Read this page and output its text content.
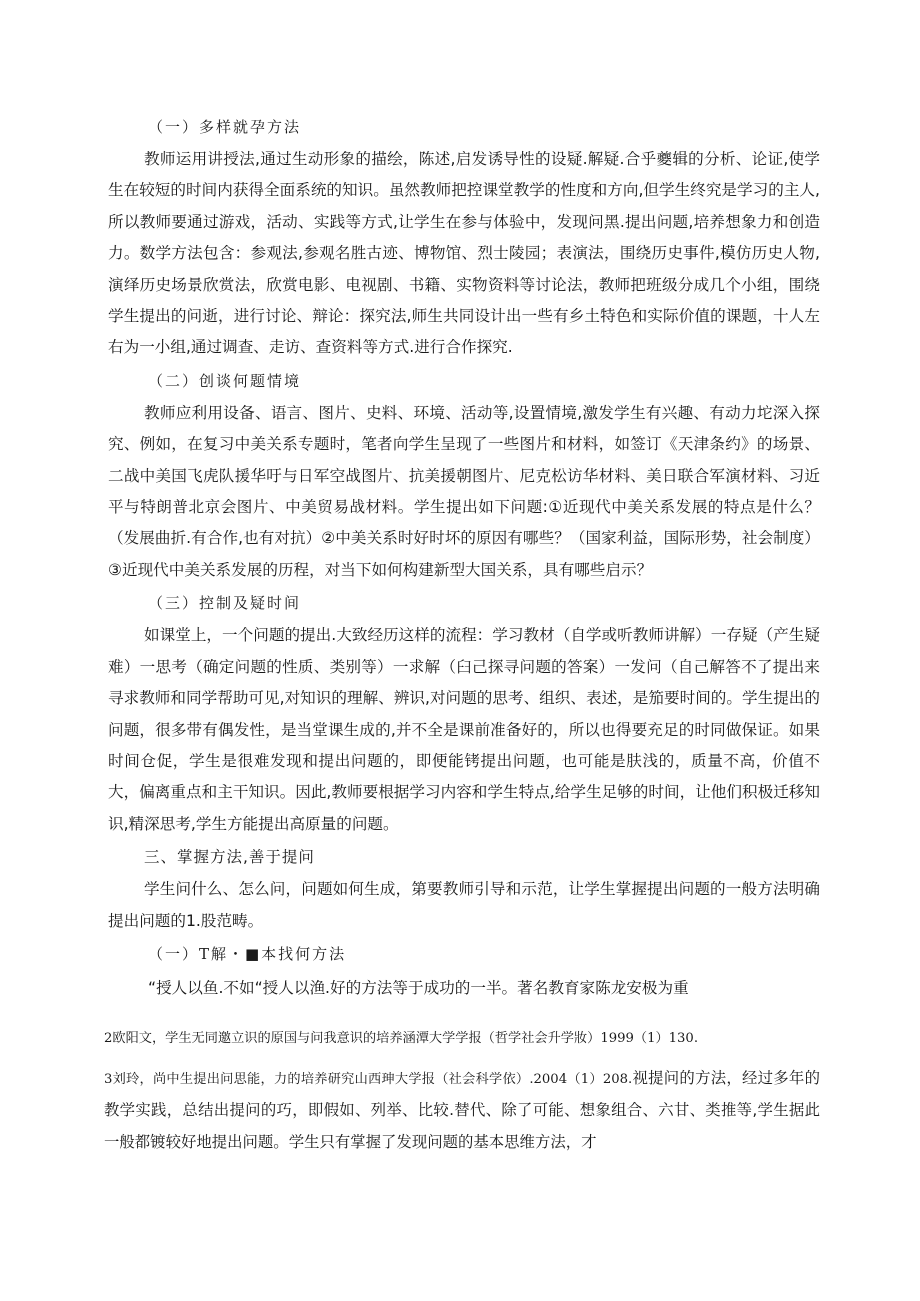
（一）多样就孕方法

教师运用讲授法,通过生动形象的描绘，陈述,启发诱导性的设疑.解疑.合乎夔辑的分析、论证,使学生在较短的时间内获得全面系统的知识。虽然教师把控课堂教学的性度和方向,但学生终究是学习的主人,所以教师要通过游戏，活动、实践等方式,让学生在参与体验中，发现问黑.提出问题,培养想象力和创造力。数学方法包含：参观法,参观名胜古迹、博物馆、烈士陵园；表演法，围绕历史事件,模仿历史人物,演绎历史场景欣赏法，欣赏电影、电视剧、书籍、实物资料等讨论法，教师把班级分成几个小组，围绕学生提出的问逝，进行讨论、辩论：探究法,师生共同设计出一些有乡土特色和实际价值的课题，十人左右为一小组,通过调查、走访、查资料等方式.进行合作探究.

（二）创谈何题情境

教师应利用设备、语言、图片、史料、环境、活动等,设置情境,激发学生有兴趣、有动力坨深入探究、例如，在复习中美关系专题时，笔者向学生呈现了一些图片和材料，如签订《天津条约》的场景、二战中美国飞虎队援华吁与日军空战图片、抗美援朝图片、尼克松访华材料、美日联合军演材料、习近平与特朗普北京会图片、中美贸易战材料。学生提出如下问题:①近现代中美关系发展的特点是什么？（发展曲折.有合作,也有对抗）②中美关系时好时坏的原因有哪些？（国家利益，国际形势，社会制度）③近现代中美关系发展的历程，对当下如何构建新型大国关系，具有哪些启示？

（三）控制及疑时间

如课堂上，一个问题的提出.大致经历这样的流程：学习教材（自学或听教师讲解）一存疑（产生疑难）一思考（确定问题的性质、类别等）一求解（臼己探寻问题的答案）一发问（自己解答不了提出来寻求教师和同学帮助可见,对知识的理解、辨识,对问题的思考、组织、表述，是笳要时间的。学生提出的问题，很多带有偶发性，是当堂课生成的,并不全是课前准备好的，所以也得要充足的时同做保证。如果时间仓促，学生是很难发现和提出问题的，即便能铐提出问题，也可能是肤浅的，质量不高，价值不大，偏离重点和主干知识。因此,教师要根据学习内容和学生特点,给学生足够的时间，让他们积极迁移知识,精深思考,学生方能提出高原量的问题。

三、掌握方法,善于提问

学生问什么、怎么问，问题如何生成，第要教师引导和示范，让学生掌握提出问题的一般方法明确提出问题的1.股范畴。

（一）T解・■本找何方法
“授人以鱼.不如“授人以渔.好的方法等于成功的一半。著名教育家陈龙安极为重
2欧阳文，学生无同邀立识的原国与问我意识的培养涵潭大学学报（哲学社会升学妝）1999（1）130.

3刘玲，尚中生提出问思能，力的培养研究山西珅大学报（社会科学依）.2004（1）208.视提问的方法，经过多年的教学实践，总结出提问的巧，即假如、列举、比较.替代、除了可能、想象组合、六甘、类推等,学生据此一般都镀较好地提出问题。学生只有掌握了发现问题的基本思维方法，才
